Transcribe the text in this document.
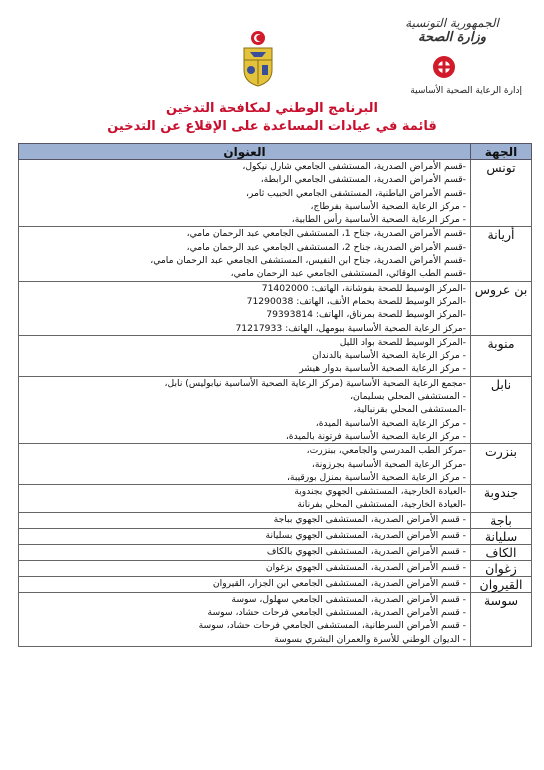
الجمهورية التونسية
وزارة الصحة
إدارة الرعاية الصحية الأساسية
البرنامج الوطني لمكافحة التدخين
قائمة في عيادات المساعدة على الإقلاع عن التدخين
الجهة	العنوان
تونس	-قسم الأمراض الصدرية، المستشفى الجامعي شارل نيكول،
-قسم الأمراض الصدرية، المستشفى الجامعي الرابطة،
-قسم الأمراض الباطنية، المستشفى الجامعي الحبيب ثامر،
- مركز الرعاية الصحية الأساسية بفرطاج،
- مركز الرعاية الصحية الأساسية رأس الطابية،

أريانة	-قسم الأمراض الصدرية، جناح 1، المستشفى الجامعي عبد الرحمان مامي،
-قسم الأمراض الصدرية، جناح 2، المستشفى الجامعي عبد الرحمان مامي،
-قسم الأمراض الصدرية، جناح ابن النفيس، المستشفى الجامعي عبد الرحمان مامي،
-قسم الطب الوقائي، المستشفى الجامعي عبد الرحمان مامي،

بن عروس	-المركز الوسيط للصحة بفوشانة، الهاتف: 71402000
-المركز الوسيط للصحة بحمام الأنف، الهاتف: 71290038
-المركز الوسيط للصحة بمرناق، الهاتف: 79393814
-مركز الرعاية الصحية الأساسية ببومهل، الهاتف: 71217933

منوبة	-المركز الوسيط للصحة بواد الليل
- مركز الرعاية الصحية الأساسية بالدندان
- مركز الرعاية الصحية الأساسية بدوار هيشر

نابل	-مجمع الرعاية الصحية الأساسية (مركز الرعاية الصحية الأساسية نيابوليس) نابل،
- المستشفى المحلي بسليمان،
-المستشفى المحلي بقرنبالية،
- مركز الرعاية الصحية الأساسية الميدة،
- مركز الرعاية الصحية الأساسية فرتونة بالميدة،

بنزرت	-مركز الطب المدرسي والجامعي، ببنزرت،
-مركز الرعاية الصحية الأساسية بجرزونة،
- مركز الرعاية الصحية الأساسية بمنزل بورقيبة،

جندوبة	-العيادة الخارجية، المستشفى الجهوي بجندوبة
-العيادة الخارجية، المستشفى المحلي بفرنانة

باجة	- قسم الأمراض الصدرية، المستشفى الجهوي بباجة

سليانة	- قسم الأمراض الصدرية، المستشفى الجهوي بسليانة

الكاف	- قسم الأمراض الصدرية، المستشفى الجهوي بالكاف

زغوان	- قسم الأمراض الصدرية، المستشفى الجهوي بزغوان

القيروان	- قسم الأمراض الصدرية، المستشفى الجامعي ابن الجزار، القيروان

سوسة	- قسم الأمراض الصدرية، المستشفى الجامعي سهلول، سوسة
- قسم الأمراض الصدرية، المستشفى الجامعي فرحات حشاد، سوسة
- قسم الأمراض السرطانية، المستشفى الجامعي فرحات حشاد، سوسة
- الديوان الوطني للأسرة والعمران البشري بسوسة
